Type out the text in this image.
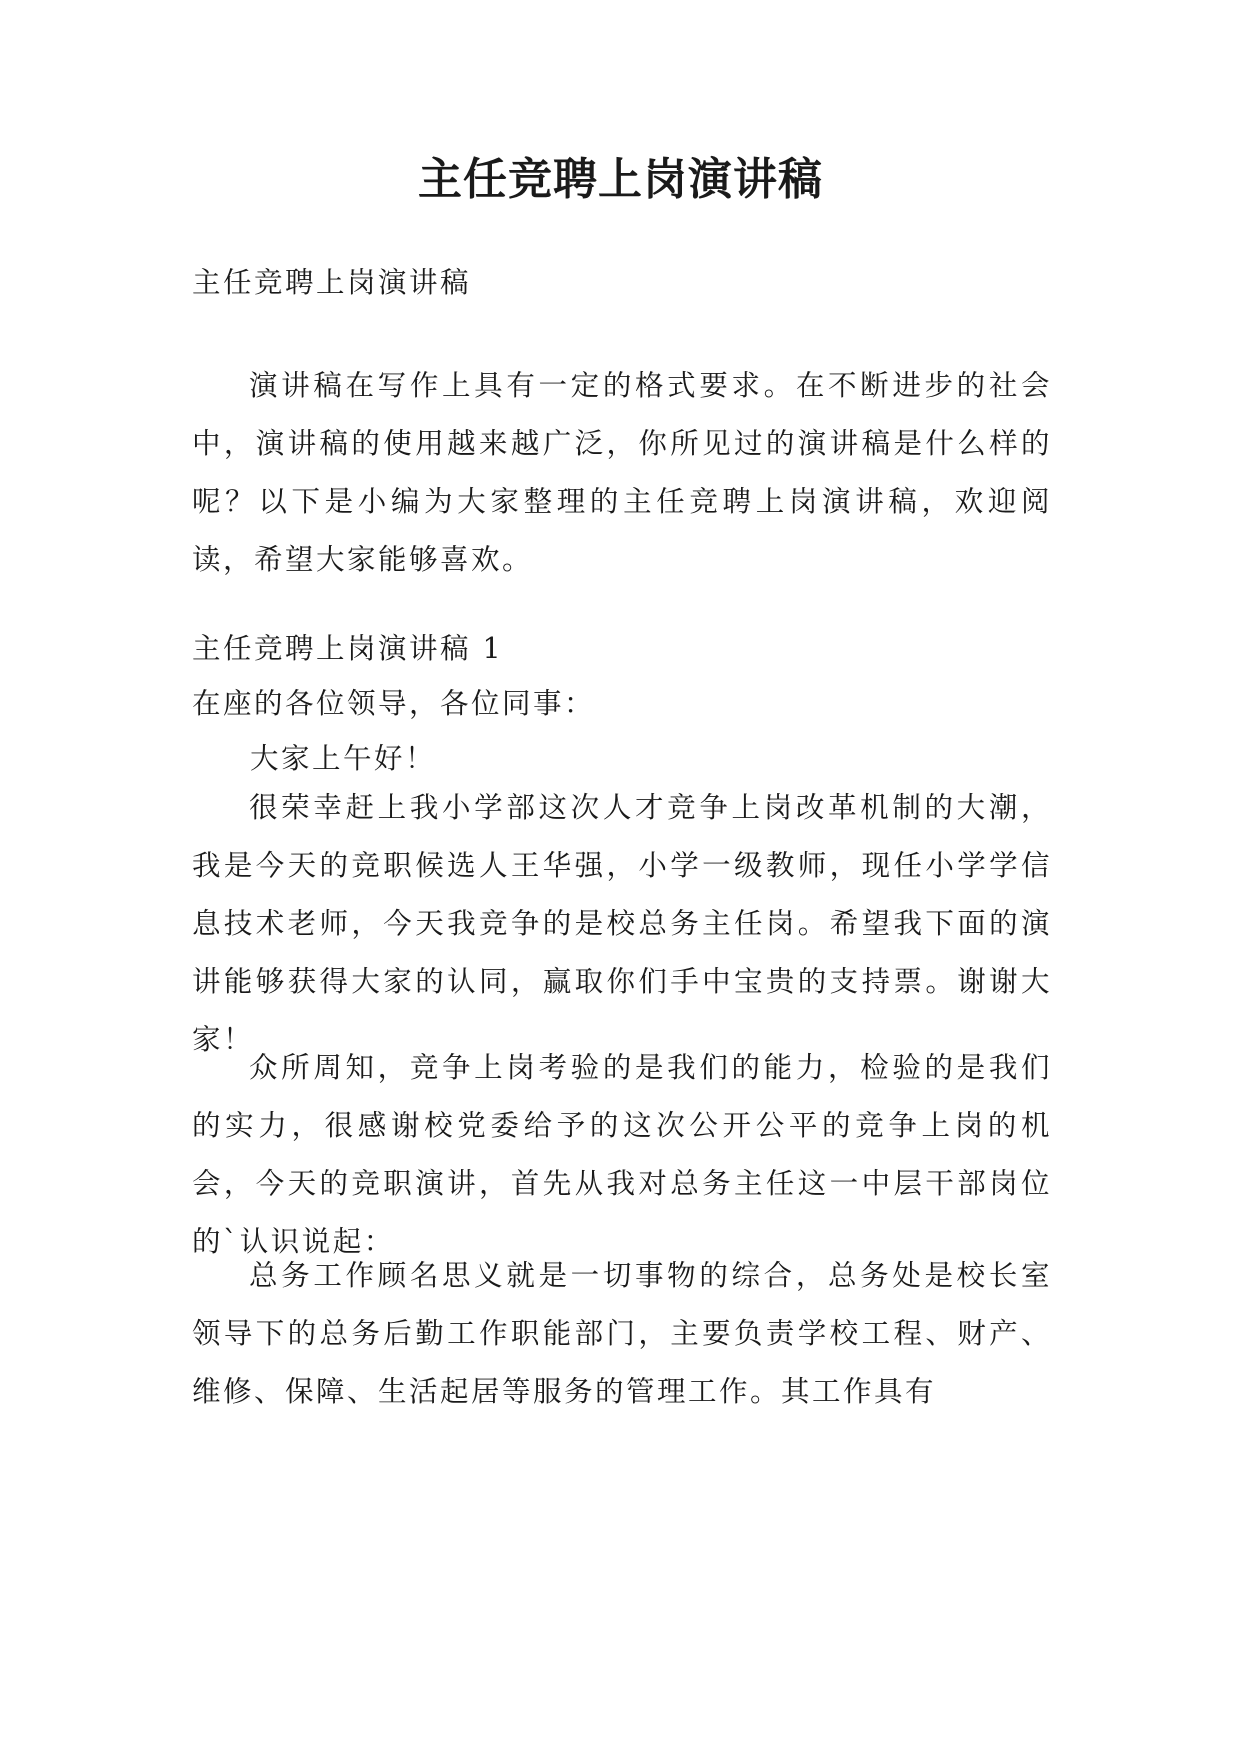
主任竞聘上岗演讲稿

主任竞聘上岗演讲稿

演讲稿在写作上具有一定的格式要求。在不断进步的社会中，演讲稿的使用越来越广泛，你所见过的演讲稿是什么样的呢？以下是小编为大家整理的主任竞聘上岗演讲稿，欢迎阅读，希望大家能够喜欢。

主任竞聘上岗演讲稿 1

在座的各位领导，各位同事：

大家上午好！

很荣幸赶上我小学部这次人才竞争上岗改革机制的大潮，我是今天的竞职候选人王华强，小学一级教师，现任小学学信息技术老师，今天我竞争的是校总务主任岗。希望我下面的演讲能够获得大家的认同，赢取你们手中宝贵的支持票。谢谢大家！

众所周知，竞争上岗考验的是我们的能力，检验的是我们的实力，很感谢校党委给予的这次公开公平的竞争上岗的机会，今天的竞职演讲，首先从我对总务主任这一中层干部岗位的`认识说起：

总务工作顾名思义就是一切事物的综合，总务处是校长室领导下的总务后勤工作职能部门，主要负责学校工程、财产、维修、保障、生活起居等服务的管理工作。其工作具有
